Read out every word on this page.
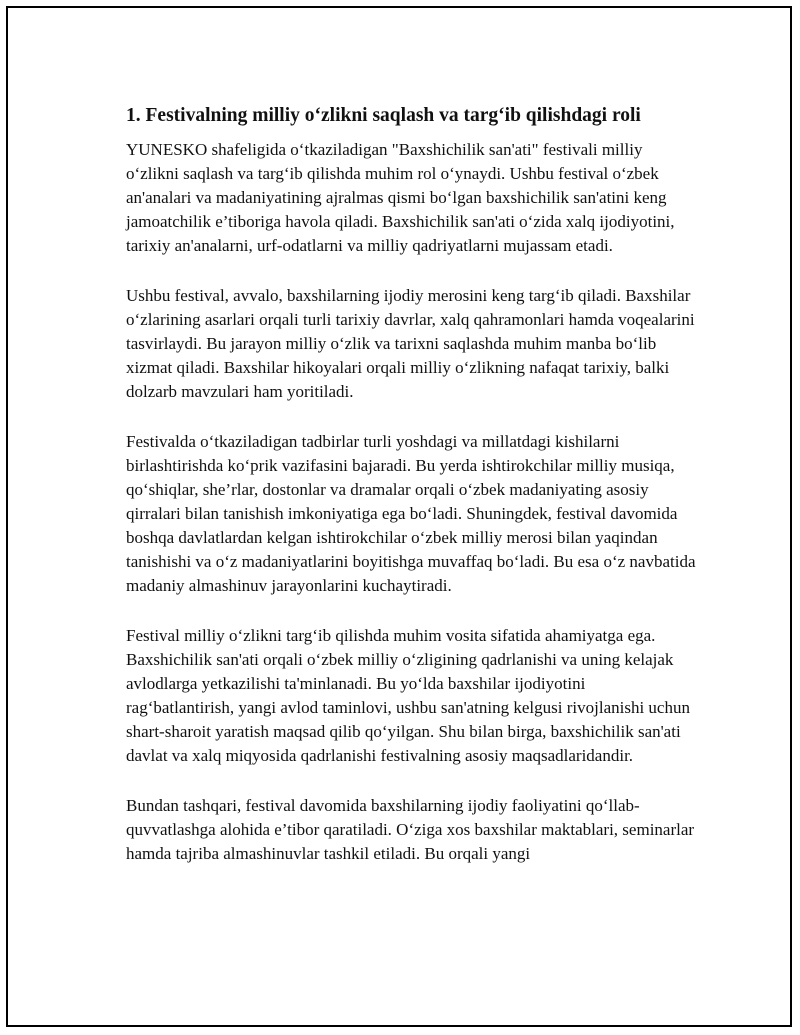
1. Festivalning milliy o‘zlikni saqlash va targ‘ib qilishdagi roli

YUNESKO shafeligida o‘tkaziladigan "Baxshichilik san'ati" festivali milliy o‘zlikni saqlash va targ‘ib qilishda muhim rol o‘ynaydi. Ushbu festival o‘zbek an'analari va madaniyatining ajralmas qismi bo‘lgan baxshichilik san'atini keng jamoatchilik e’tiboriga havola qiladi. Baxshichilik san'ati o‘zida xalq ijodiyotini, tarixiy an'analarni, urf-odatlarni va milliy qadriyatlarni mujassam etadi.

Ushbu festival, avvalo, baxshilarning ijodiy merosini keng targ‘ib qiladi. Baxshilar o‘zlarining asarlari orqali turli tarixiy davrlar, xalq qahramonlari hamda voqealarini tasvirlaydi. Bu jarayon milliy o‘zlik va tarixni saqlashda muhim manba bo‘lib xizmat qiladi. Baxshilar hikoyalari orqali milliy o‘zlikning nafaqat tarixiy, balki dolzarb mavzulari ham yoritiladi.

Festivalda o‘tkaziladigan tadbirlar turli yoshdagi va millatdagi kishilarni birlashtirishda ko‘prik vazifasini bajaradi. Bu yerda ishtirokchilar milliy musiqa, qo‘shiqlar, she’rlar, dostonlar va dramalar orqali o‘zbek madaniyating asosiy qirralari bilan tanishish imkoniyatiga ega bo‘ladi. Shuningdek, festival davomida boshqa davlatlardan kelgan ishtirokchilar o‘zbek milliy merosi bilan yaqindan tanishishi va o‘z madaniyatlarini boyitishga muvaffaq bo‘ladi. Bu esa o‘z navbatida madaniy almashinuv jarayonlarini kuchaytiradi.

Festival milliy o‘zlikni targ‘ib qilishda muhim vosita sifatida ahamiyatga ega. Baxshichilik san'ati orqali o‘zbek milliy o‘zligining qadrlanishi va uning kelajak avlodlarga yetkazilishi ta'minlanadi. Bu yo‘lda baxshilar ijodiyotini rag‘batlantirish, yangi avlod taminlovi, ushbu san'atning kelgusi rivojlanishi uchun shart-sharoit yaratish maqsad qilib qo‘yilgan. Shu bilan birga, baxshichilik san'ati davlat va xalq miqyosida qadrlanishi festivalning asosiy maqsadlaridandir.

Bundan tashqari, festival davomida baxshilarning ijodiy faoliyatini qo‘llab-quvvatlashga alohida e’tibor qaratiladi. O‘ziga xos baxshilar maktablari, seminarlar hamda tajriba almashinuvlar tashkil etiladi. Bu orqali yangi
